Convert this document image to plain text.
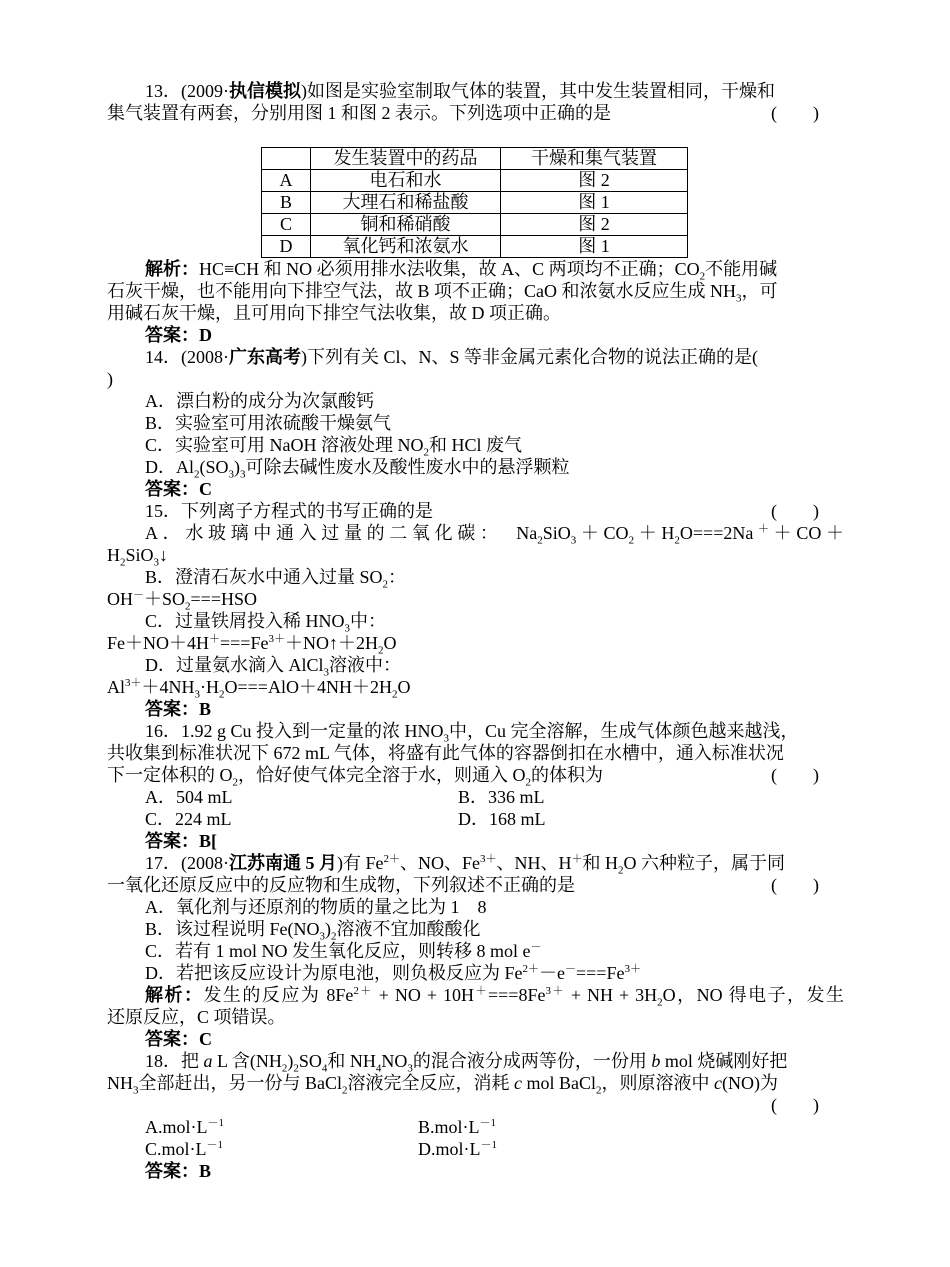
13．(2009·执信模拟)如图是实验室制取气体的装置，其中发生装置相同，干燥和
集气装置有两套，分别用图 1 和图 2 表示。下列选项中正确的是	(　　)
	发生装置中的药品	干燥和集气装置
A	电石和水	图 2
B	大理石和稀盐酸	图 1
C	铜和稀硝酸	图 2
D	氧化钙和浓氨水	图 1
解析：HC≡CH 和 NO 必须用排水法收集，故 A、C 两项均不正确；$CO_2$不能用碱
石灰干燥，也不能用向下排空气法，故 B 项不正确；CaO 和浓氨水反应生成 $NH_3$，可
用碱石灰干燥，且可用向下排空气法收集，故 D 项正确。
答案：D
14．(2008·广东高考)下列有关 Cl、N、S 等非金属元素化合物的说法正确的是(
)
A．漂白粉的成分为次氯酸钙
B．实验室可用浓硫酸干燥氨气
C．实验室可用 NaOH 溶液处理 $NO_2$和 HCl 废气
D．$Al_2(SO_3)_3$可除去碱性废水及酸性废水中的悬浮颗粒
答案：C
15．下列离子方程式的书写正确的是	(　　)
A．水玻璃中通入过量的二氧化碳：　$Na_2SiO_3+CO_2+H_2O===2Na^++CO+$
$H_2SiO_3↓$
B．澄清石灰水中通入过量 $SO_2$：
$OH^-+SO_2===HSO$
C．过量铁屑投入稀 $HNO_3$中：
$Fe+NO+4H^+===Fe^{3+}+NO↑+2H_2O$
D．过量氨水滴入 AlCl$_3$溶液中：
$Al^{3+}+4NH_3\cdot H_2O===AlO+4NH+2H_2O$
答案：B
16．1.92 g Cu 投入到一定量的浓 $HNO_3$中，Cu 完全溶解，生成气体颜色越来越浅，
共收集到标准状况下 672 mL 气体，将盛有此气体的容器倒扣在水槽中，通入标准状况
下一定体积的 $O_2$，恰好使气体完全溶于水，则通入 $O_2$的体积为	(　　)
A．504 mL	B．336 mL
C．224 mL	D．168 mL
答案：B[
17．(2008·江苏南通 5 月)有 $Fe^{2+}$、NO、$Fe^{3+}$、NH、H＋和 $H_2O$ 六种粒子，属于同
一氧化还原反应中的反应物和生成物，下列叙述不正确的是	(　　)
A．氧化剂与还原剂的物质的量之比为 1　8
B．该过程说明 $Fe(NO_3)_2$溶液不宜加酸酸化
C．若有 1 mol NO 发生氧化反应，则转移 8 mol e－
D．若把该反应设计为原电池，则负极反应为 $Fe^{2+}-e^-===Fe^{3+}$
解析：发生的反应为 $8Fe^{2+}$ + NO + $10H^+===8Fe^{3+}$ + NH + $3H_2O$，NO 得电子，发生
还原反应，C 项错误。
答案：C
18．把 a L 含$(NH_2)_2SO_4$和 $NH_4NO_3$的混合液分成两等份，一份用 b mol 烧碱刚好把
$NH_3$全部赶出，另一份与 BaCl$_2$溶液完全反应，消耗 c mol BaCl$_2$，则原溶液中 c(NO)为
(　　)
$A.mol\cdot L^{-1}$	$B.mol\cdot L^{-1}$
$C.mol\cdot L^{-1}$	$D.mol\cdot L^{-1}$
答案：B
